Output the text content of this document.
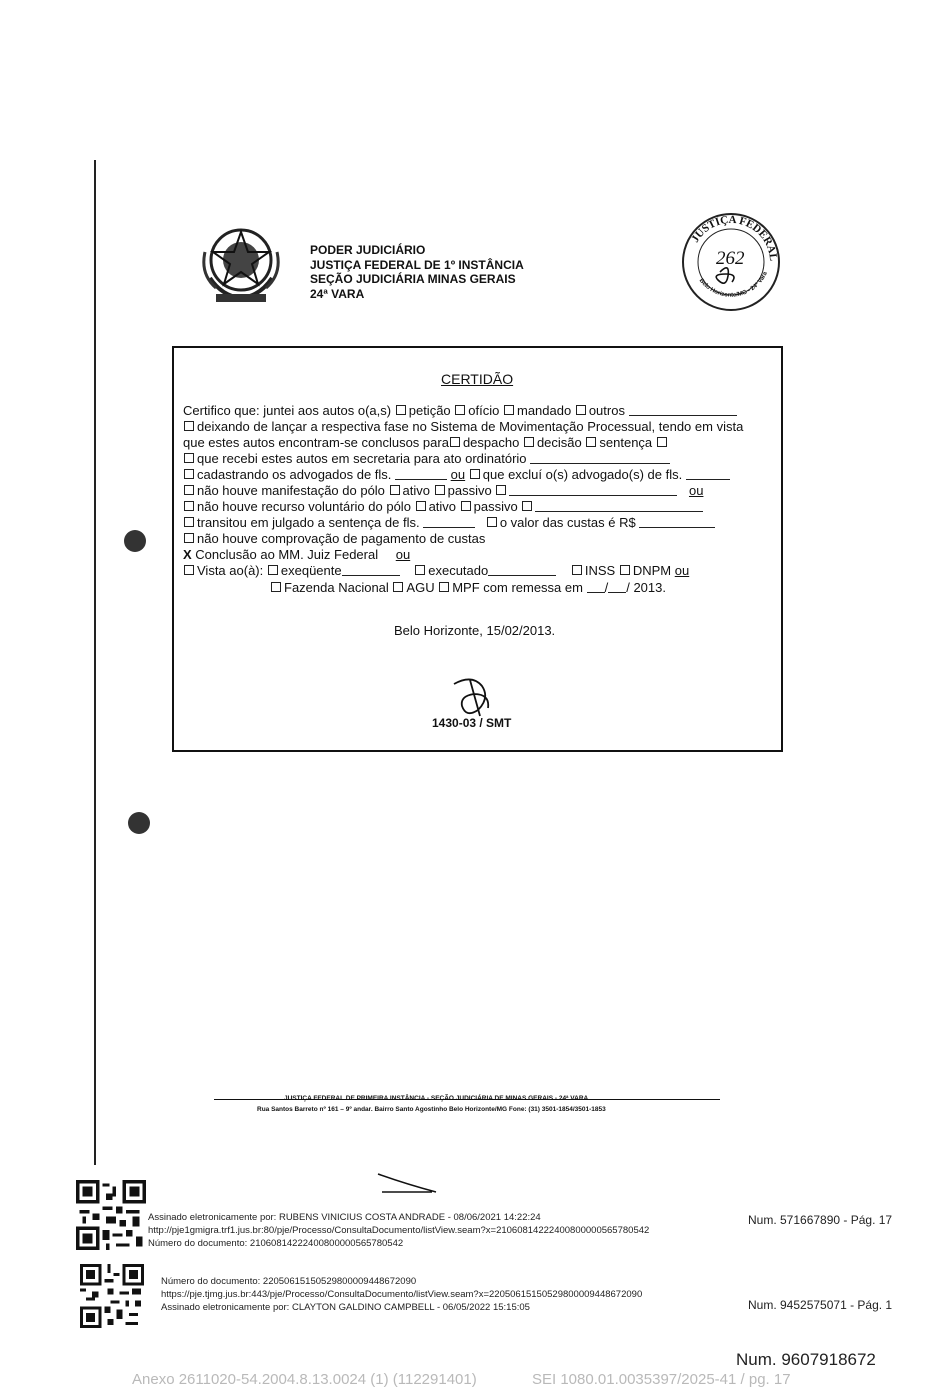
PODER JUDICIÁRIO
JUSTIÇA FEDERAL DE 1º INSTÂNCIA
SEÇÃO JUDICIÁRIA MINAS GERAIS
24ª VARA
JUSTIÇA FEDERAL
Belo Horizonte/MG - 24ª Vara
262
CERTIDÃO
Certifico que: juntei aos autos o(a,s) petição ofício mandado outros
deixando de lançar a respectiva fase no Sistema de Movimentação Processual, tendo em vista
que estes autos encontram-se conclusos para despacho decisão sentença
que recebi estes autos em secretaria para ato ordinatório
cadastrando os advogados de fls.	ou que excluí o(s) advogado(s) de fls.
não houve manifestação do pólo ativo passivo	ou
não houve recurso voluntário do pólo ativo passivo
transitou em julgado a sentença de fls.	o valor das custas é R$
não houve comprovação de pagamento de custas
X Conclusão ao MM. Juiz Federal ou
Vista ao(à): exeqüente	executado	INSS DNPM ou
Fazenda Nacional AGU MPF com remessa em / / 2013.
Belo Horizonte, 15/02/2013.
1430-03 / SMT
Rua Santos Barreto nº 161 – 9º andar. Bairro Santo Agostinho Belo Horizonte/MG Fone: (31) 3501-1854/3501-1853
Assinado eletronicamente por: RUBENS VINICIUS COSTA ANDRADE - 08/06/2021 14:22:24
http://pje1gmigra.trf1.jus.br:80/pje/Processo/ConsultaDocumento/listView.seam?x=21060814222400800000565780542
Número do documento: 21060814222400800000565780542
Num. 571667890 - Pág. 17
Número do documento: 22050615150529800009448672090
https://pje.tjmg.jus.br:443/pje/Processo/ConsultaDocumento/listView.seam?x=22050615150529800009448672090
Assinado eletronicamente por: CLAYTON GALDINO CAMPBELL - 06/05/2022 15:15:05	Num. 9452575071 - Pág. 1
Num. 9607918672
Anexo 2611020-54.2004.8.13.0024 (1) (112291401)	SEI 1080.01.0035397/2025-41 / pg. 17
